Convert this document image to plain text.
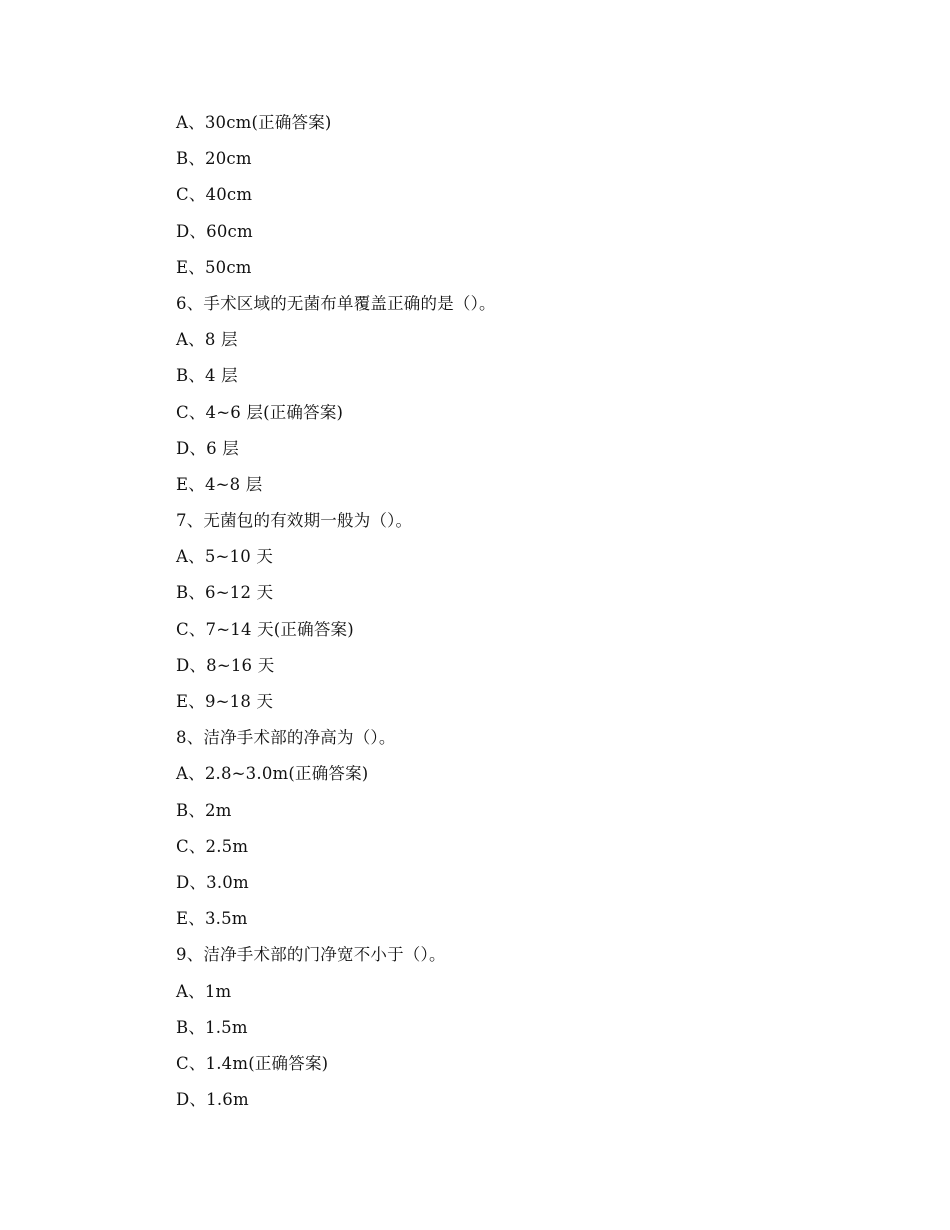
A、30cm(正确答案)
B、20cm
C、40cm
D、60cm
E、50cm
6、手术区域的无菌布单覆盖正确的是（）。
A、8 层
B、4 层
C、4~6 层(正确答案)
D、6 层
E、4~8 层
7、无菌包的有效期一般为（）。
A、5~10 天
B、6~12 天
C、7~14 天(正确答案)
D、8~16 天
E、9~18 天
8、洁净手术部的净高为（）。
A、2.8~3.0m(正确答案)
B、2m
C、2.5m
D、3.0m
E、3.5m
9、洁净手术部的门净宽不小于（）。
A、1m
B、1.5m
C、1.4m(正确答案)
D、1.6m
